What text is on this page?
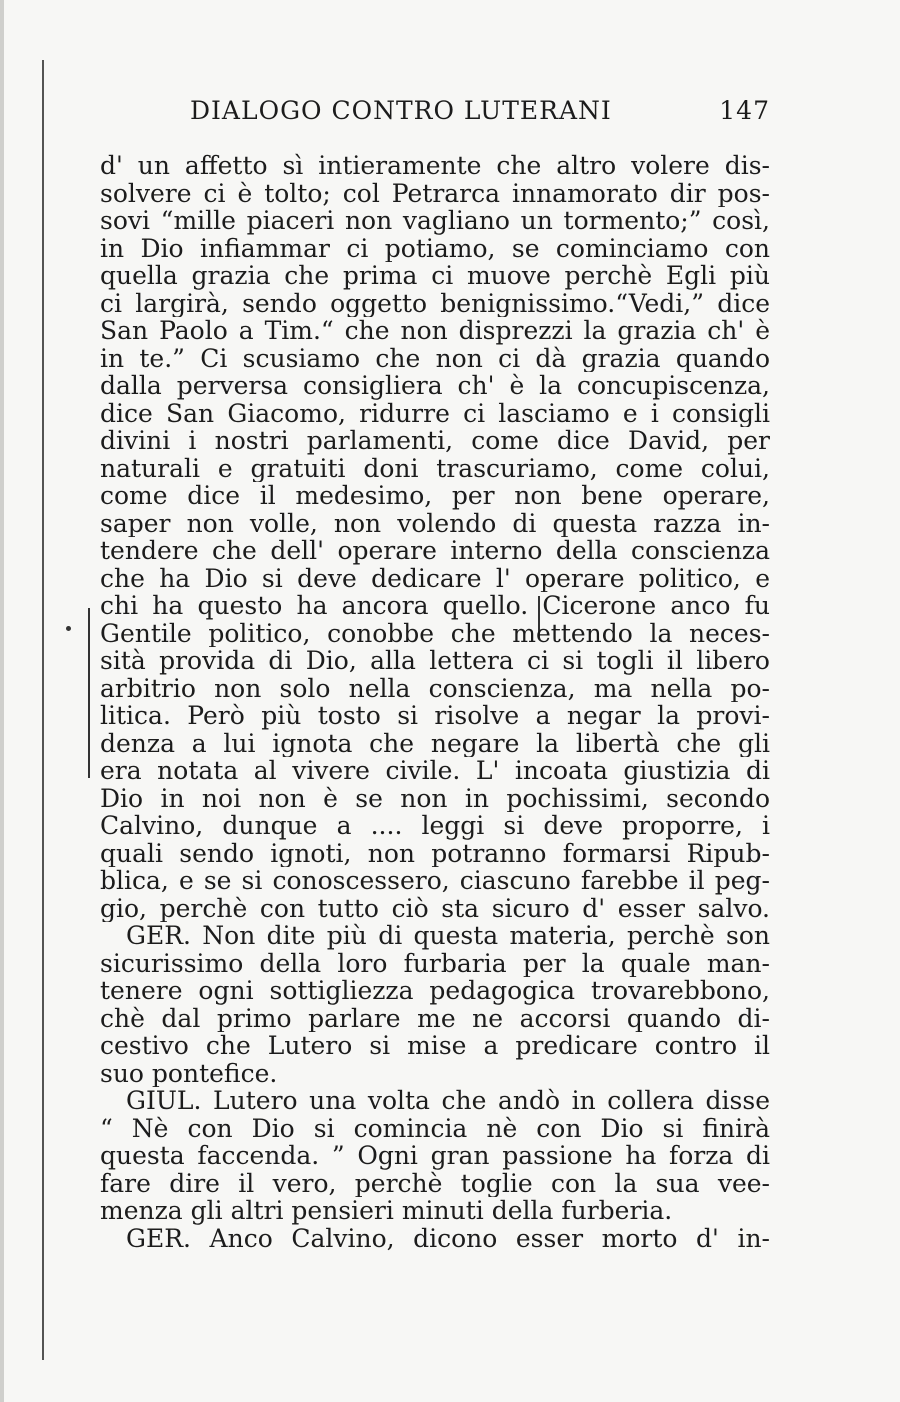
DIALOGO CONTRO LUTERANI	147
d' un affetto sì intieramente che altro volere dis-
solvere ci è tolto; col Petrarca innamorato dir pos-
sovi “mille piaceri non vagliano un tormento;” così,
in Dio infiammar ci potiamo, se cominciamo con
quella grazia che prima ci muove perchè Egli più
ci largirà, sendo oggetto benignissimo.“Vedi,” dice
San Paolo a Tim.“ che non disprezzi la grazia ch' è
in te.” Ci scusiamo che non ci dà grazia quando
dalla perversa consigliera ch' è la concupiscenza,
dice San Giacomo, ridurre ci lasciamo e i consigli
divini i nostri parlamenti, come dice David, per
naturali e gratuiti doni trascuriamo, come colui,
come dice il medesimo, per non bene operare,
saper non volle, non volendo di questa razza in-
tendere che dell' operare interno della conscienza
che ha Dio si deve dedicare l' operare politico, e
chi ha questo ha ancora quello. Cicerone anco fu
Gentile politico, conobbe che mettendo la neces-
sità provida di Dio, alla lettera ci si togli il libero
arbitrio non solo nella conscienza, ma nella po-
litica. Però più tosto si risolve a negar la provi-
denza a lui ignota che negare la libertà che gli
era notata al vivere civile. L' incoata giustizia di
Dio in noi non è se non in pochissimi, secondo
Calvino, dunque a .... leggi si deve proporre, i
quali sendo ignoti, non potranno formarsi Ripub-
blica, e se si conoscessero, ciascuno farebbe il peg-
gio, perchè con tutto ciò sta sicuro d' esser salvo.
GER. Non dite più di questa materia, perchè son
sicurissimo della loro furbaria per la quale man-
tenere ogni sottigliezza pedagogica trovarebbono,
chè dal primo parlare me ne accorsi quando di-
cestivo che Lutero si mise a predicare contro il
suo pontefice.
GIUL. Lutero una volta che andò in collera disse
“ Nè con Dio si comincia nè con Dio si finirà
questa faccenda. ” Ogni gran passione ha forza di
fare dire il vero, perchè toglie con la sua vee-
menza gli altri pensieri minuti della furberia.
GER. Anco Calvino, dicono esser morto d' in-
